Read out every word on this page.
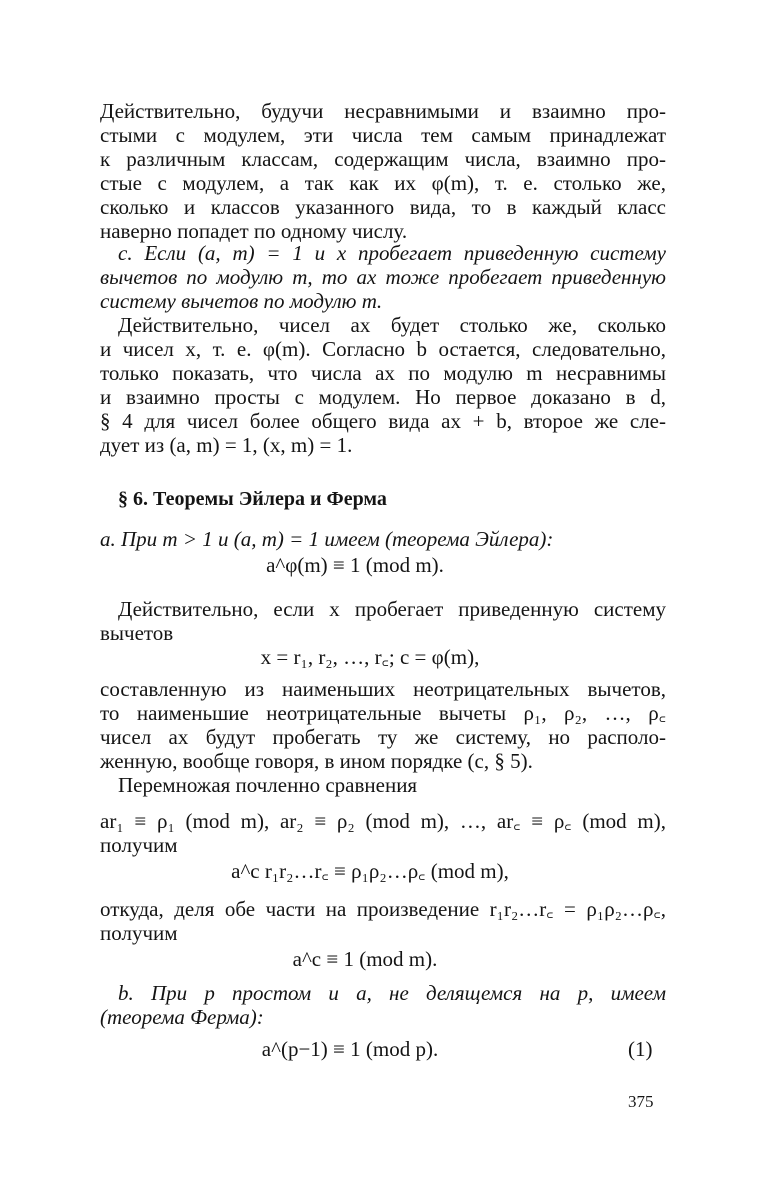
Действительно, будучи несравнимыми и взаимно про-
стыми с модулем, эти числа тем самым принадлежат
к различным классам, содержащим числа, взаимно про-
стые с модулем, а так как их φ(m), т. е. столько же,
сколько и классов указанного вида, то в каждый класс
наверно попадет по одному числу.
c. Если (a, m) = 1 и x пробегает приведенную систему
вычетов по модулю m, то ax тоже пробегает приведенную
систему вычетов по модулю m.
Действительно, чисел ax будет столько же, сколько
и чисел x, т. е. φ(m). Согласно b остается, следовательно,
только показать, что числа ax по модулю m несравнимы
и взаимно просты с модулем. Но первое доказано в d,
§ 4 для чисел более общего вида ax + b, второе же сле-
дует из (a, m) = 1, (x, m) = 1.
§ 6. Теоремы Эйлера и Ферма
a. При m > 1 и (a, m) = 1 имеем (теорема Эйлера):
a^φ(m) ≡ 1 (mod m).
Действительно, если x пробегает приведенную систему
вычетов
x = r₁, r₂, …, r꜀; c = φ(m),
составленную из наименьших неотрицательных вычетов,
то наименьшие неотрицательные вычеты ρ₁, ρ₂, …, ρ꜀
чисел ax будут пробегать ту же систему, но располо-
женную, вообще говоря, в ином порядке (c, § 5).
Перемножая почленно сравнения
ar₁ ≡ ρ₁ (mod m), ar₂ ≡ ρ₂ (mod m), …, ar꜀ ≡ ρ꜀ (mod m),
получим
a^c r₁r₂…r꜀ ≡ ρ₁ρ₂…ρ꜀ (mod m),
откуда, деля обе части на произведение r₁r₂…r꜀ = ρ₁ρ₂…ρ꜀,
получим
a^c ≡ 1 (mod m).
b. При p простом и a, не делящемся на p, имеем
(теорема Ферма):
a^(p−1) ≡ 1 (mod p).	(1)
375
